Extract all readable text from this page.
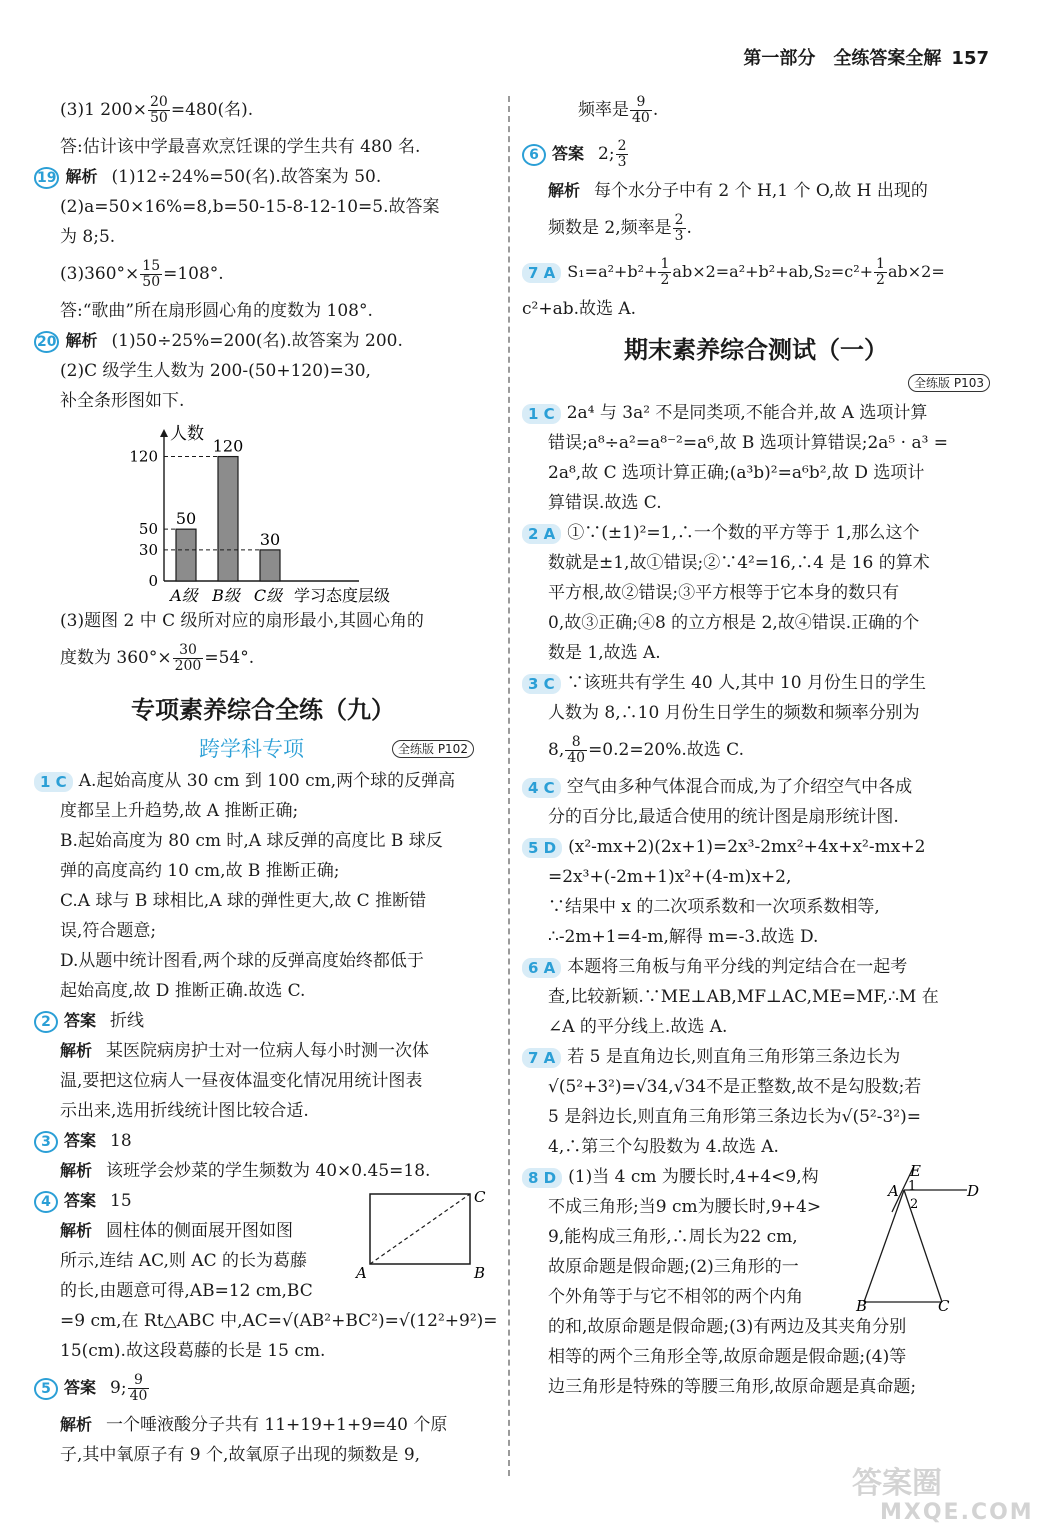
第一部分　全练答案全解 157
(3)1 $200\times \frac{20}{50} =480$(名).
答:估计该中学最喜欢烹饪课的学生共有 480 名.
19 解析 (1)12÷24%=50(名).故答案为 50.
(2)a=50×16%=8,b=50-15-8-12-10=5.故答案
为 8;5.
$(3)360^\circ\times \frac{15}{50} =108^\circ$.
答:“歌曲”所在扇形圆心角的度数为 108°.
20 解析 (1)50÷25%=200(名).故答案为 200.
(2)C 级学生人数为 200-(50+120)=30,
补全条形图如下.
人数
50
A级
120
B级
30
C级
120
50
30
0
学习态度层级
(3)题图 2 中 C 级所对应的扇形最小,其圆心角的
度数为 $360^\circ\times \frac{30}{200} =54^\circ$.
专项素养综合全练（九）
跨学科专项	全练版 P102
1 C A.起始高度从 30 cm 到 100 cm,两个球的反弹高
度都呈上升趋势,故 A 推断正确;
B.起始高度为 80 cm 时,A 球反弹的高度比 B 球反
弹的高度高约 10 cm,故 B 推断正确;
C.A 球与 B 球相比,A 球的弹性更大,故 C 推断错
误,符合题意;
D.从题中统计图看,两个球的反弹高度始终都低于
起始高度,故 D 推断正确.故选 C.
2 答案 折线
解析 某医院病房护士对一位病人每小时测一次体
温,要把这位病人一昼夜体温变化情况用统计图表
示出来,选用折线统计图比较合适.
3 答案 18
解析 该班学会炒菜的学生频数为 40×0.45=18.
4 答案 15
解析 圆柱体的侧面展开图如图
所示,连结 AC,则 AC 的长为葛藤
的长,由题意可得,AB=12 cm,BC
=9 cm,在 Rt△ABC 中,AC=√(AB²+BC²)=√(12²+9²)=
15(cm).故这段葛藤的长是 15 cm.
A	B
C
5 答案 9; $\frac{9}{40}$
解析 一个唾液酸分子共有 11+19+1+9=40 个原
子,其中氧原子有 9 个,故氧原子出现的频数是 9,
频率是 $\frac{9}{40}$ .
6 答案 2; $\frac{2}{3}$
解析 每个水分子中有 2 个 H,1 个 O,故 H 出现的
频数是 2,频率是 $\frac{2}{3}$ .
7 A $S_1=a^2+b^2+ \frac{1}{2} ab\times 2=a^2+b^2+ab,S_2=c^2+ \frac{1}{2} ab\times 2=$
c²+ab.故选 A.
期末素养综合测试（一）
全练版 P103
1 C 2a⁴ 与 3a² 不是同类项,不能合并,故 A 选项计算
错误;a⁸÷a²=a⁸⁻²=a⁶,故 B 选项计算错误;2a⁵ · a³ =
2a⁸,故 C 选项计算正确;(a³b)²=a⁶b²,故 D 选项计
算错误.故选 C.
2 A ①∵(±1)²=1,∴一个数的平方等于 1,那么这个
数就是±1,故①错误;②∵4²=16,∴4 是 16 的算术
平方根,故②错误;③平方根等于它本身的数只有
0,故③正确;④8 的立方根是 2,故④错误.正确的个
数是 1,故选 A.
3 C ∵该班共有学生 40 人,其中 10 月份生日的学生
人数为 8,∴10 月份生日学生的频数和频率分别为
8, $\frac{8}{40} =0.2=20\%$.故选 C.
4 C 空气由多种气体混合而成,为了介绍空气中各成
分的百分比,最适合使用的统计图是扇形统计图.
5 D (x²-mx+2)(2x+1)=2x³-2mx²+4x+x²-mx+2
=2x³+(-2m+1)x²+(4-m)x+2,
∵结果中 x 的二次项系数和一次项系数相等,
∴-2m+1=4-m,解得 m=-3.故选 D.
6 A 本题将三角板与角平分线的判定结合在一起考
查,比较新颖.∵ME⊥AB,MF⊥AC,ME=MF,∴M 在
∠A 的平分线上.故选 A.
7 A 若 5 是直角边长,则直角三角形第三条边长为
√(5²+3²)=√34,√34不是正整数,故不是勾股数;若
5 是斜边长,则直角三角形第三条边长为√(5²-3²)=
4,∴第三个勾股数为 4.故选 A.
8 D (1)当 4 cm 为腰长时,4+4<9,构
不成三角形;当9 cm为腰长时,9+4>
9,能构成三角形,∴周长为22 cm,
故原命题是假命题;(2)三角形的一
个外角等于与它不相邻的两个内角
的和,故原命题是假命题;(3)有两边及其夹角分别
相等的两个三角形全等,故原命题是假命题;(4)等
边三角形是特殊的等腰三角形,故原命题是真命题;
E
A 1
2
D
B	C
答案圈
MXQE.COM
